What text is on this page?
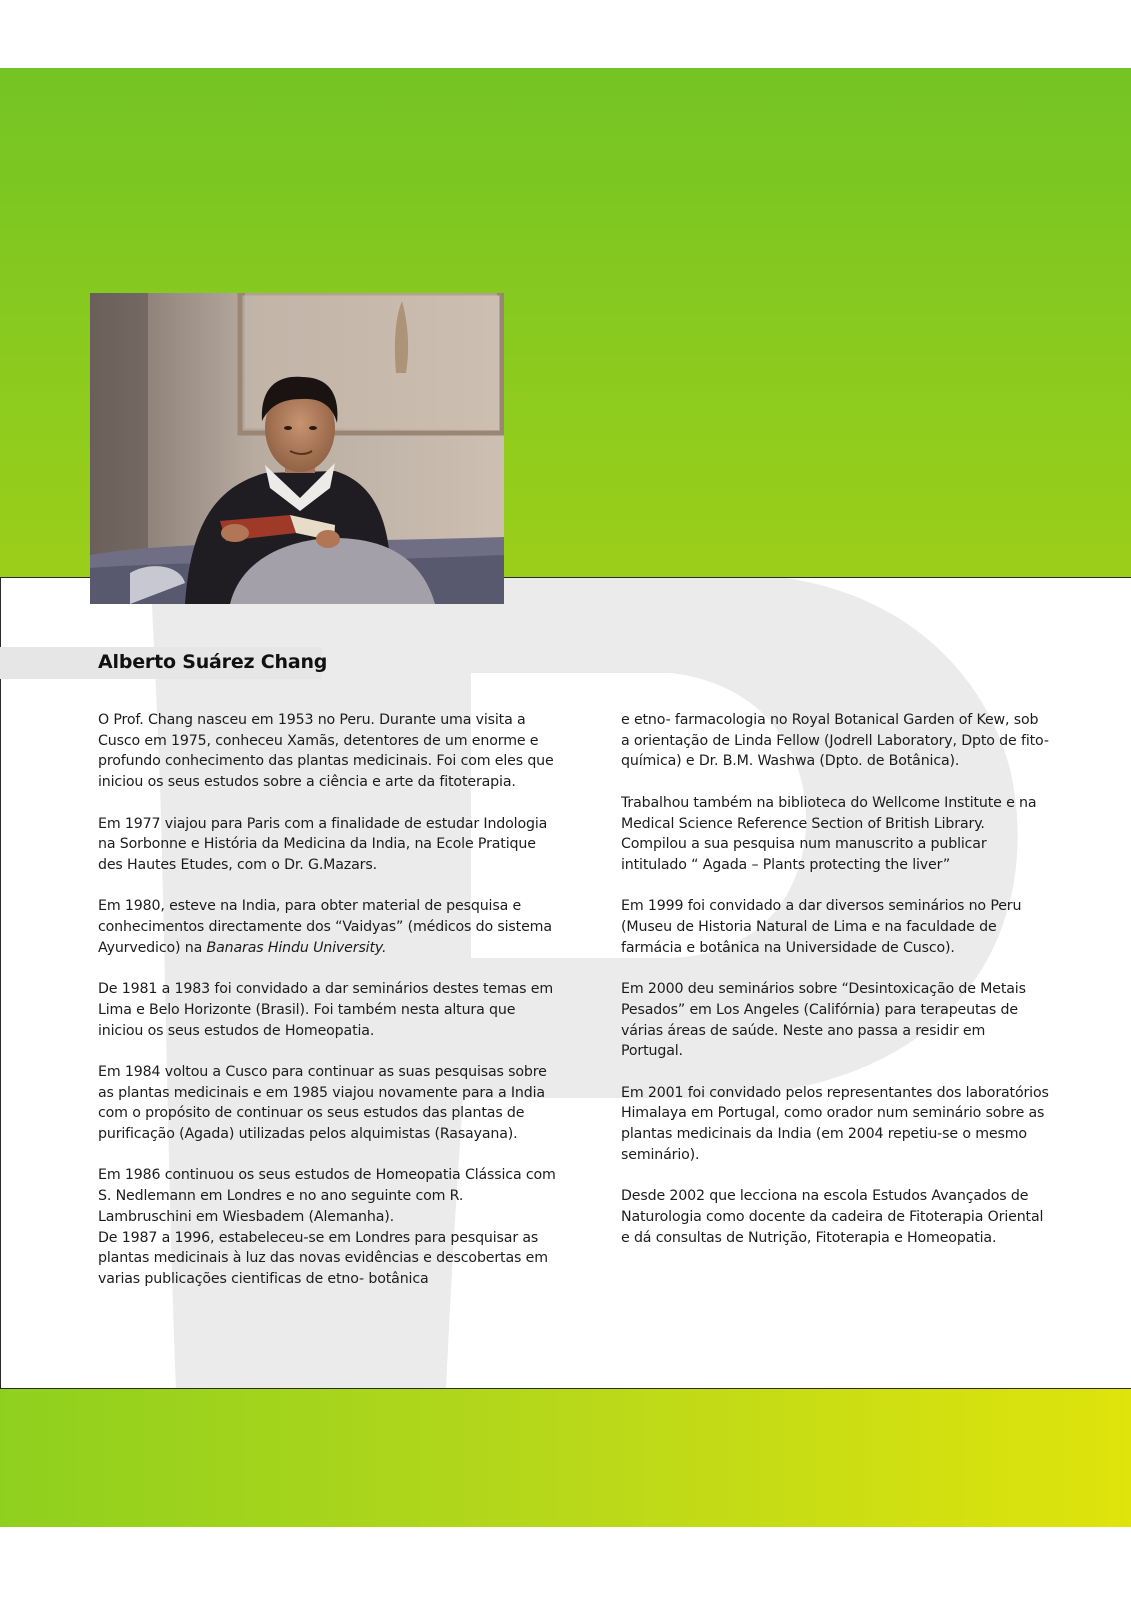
Alberto Suárez Chang

O Prof. Chang nasceu em 1953 no Peru. Durante uma visita a Cusco em 1975, conheceu Xamãs, detentores de um enorme e profundo conhecimento das plantas medicinais. Foi com eles que iniciou os seus estudos sobre a ciência e arte da fitoterapia.

Em 1977 viajou para Paris com a finalidade de estudar Indologia na Sorbonne e História da Medicina da India, na Ecole Pratique des Hautes Etudes, com o Dr. G.Mazars.

Em 1980, esteve na India, para obter material de pesquisa e conhecimentos directamente dos “Vaidyas” (médicos do sistema Ayurvedico) na Banaras Hindu University.

De 1981 a 1983 foi convidado a dar seminários destes temas em Lima e Belo Horizonte (Brasil). Foi também nesta altura que iniciou os seus estudos de Homeopatia.

Em 1984 voltou a Cusco para continuar as suas pesquisas sobre as plantas medicinais e em 1985 viajou novamente para a India com o propósito de continuar os seus estudos das plantas de purificação (Agada) utilizadas pelos alquimistas (Rasayana).

Em 1986 continuou os seus estudos de Homeopatia Clássica com S. Nedlemann em Londres e no ano seguinte com R. Lambruschini em Wiesbadem (Alemanha).

De 1987 a 1996, estabeleceu-se em Londres para pesquisar as plantas medicinais à luz das novas evidências e descobertas em varias publicações cientificas de etno- botânica

e etno- farmacologia no Royal Botanical Garden of Kew, sob a orientação de Linda Fellow (Jodrell Laboratory, Dpto de fito- química) e Dr. B.M. Washwa (Dpto. de Botânica).

Trabalhou também na biblioteca do Wellcome Institute e na Medical Science Reference Section of British Library. Compilou a sua pesquisa num manuscrito a publicar intitulado “ Agada – Plants protecting the liver”

Em 1999 foi convidado a dar diversos seminários no Peru (Museu de Historia Natural de Lima e na faculdade de farmácia e botânica na Universidade de Cusco).

Em 2000 deu seminários sobre “Desintoxicação de Metais Pesados” em Los Angeles (Califórnia) para terapeutas de várias áreas de saúde. Neste ano passa a residir em Portugal.

Em 2001 foi convidado pelos representantes dos laboratórios Himalaya em Portugal, como orador num seminário sobre as plantas medicinais da India (em 2004 repetiu-se o mesmo seminário).

Desde 2002 que lecciona na escola Estudos Avançados de Naturologia como docente da cadeira de Fitoterapia Oriental e dá consultas de Nutrição, Fitoterapia e Homeopatia.
